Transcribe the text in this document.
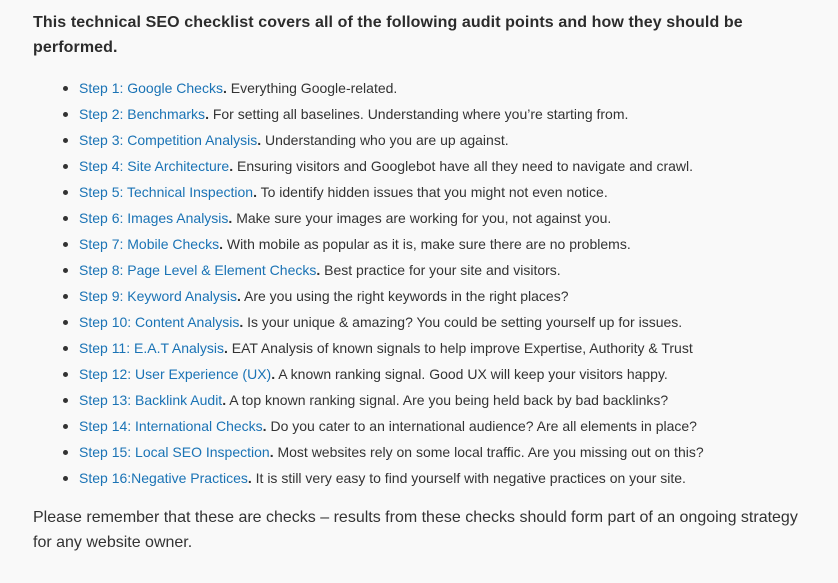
This technical SEO checklist covers all of the following audit points and how they should be performed.

Step 1: Google Checks. Everything Google-related.
Step 2: Benchmarks. For setting all baselines. Understanding where you’re starting from.
Step 3: Competition Analysis. Understanding who you are up against.
Step 4: Site Architecture. Ensuring visitors and Googlebot have all they need to navigate and crawl.
Step 5: Technical Inspection. To identify hidden issues that you might not even notice.
Step 6: Images Analysis. Make sure your images are working for you, not against you.
Step 7: Mobile Checks. With mobile as popular as it is, make sure there are no problems.
Step 8: Page Level & Element Checks. Best practice for your site and visitors.
Step 9: Keyword Analysis. Are you using the right keywords in the right places?
Step 10: Content Analysis. Is your unique & amazing? You could be setting yourself up for issues.
Step 11: E.A.T Analysis. EAT Analysis of known signals to help improve Expertise, Authority & Trust
Step 12: User Experience (UX). A known ranking signal. Good UX will keep your visitors happy.
Step 13: Backlink Audit. A top known ranking signal. Are you being held back by bad backlinks?
Step 14: International Checks. Do you cater to an international audience? Are all elements in place?
Step 15: Local SEO Inspection. Most websites rely on some local traffic. Are you missing out on this?
Step 16:Negative Practices. It is still very easy to find yourself with negative practices on your site.

Please remember that these are checks – results from these checks should form part of an ongoing strategy for any website owner.
